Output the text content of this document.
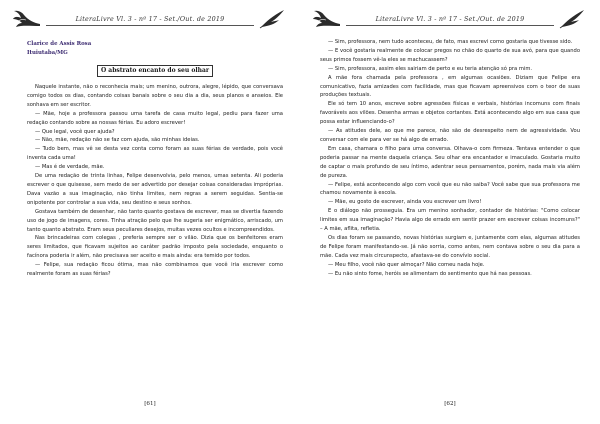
LiteraLivre Vl. 3 - nº 17 - Set./Out. de 2019
Clarice de Assis Rosa
Ituiutaba/MG
O abstrato encanto do seu olhar

Naquele instante, não o reconhecia mais; um menino, outrora, alegre, lépido, que conversava comigo todos os dias, contando coisas banais sobre o seu dia a dia, seus planos e anseios. Ele sonhava em ser escritor.

— Mãe, hoje a professora passou uma tarefa de casa muito legal, pediu para fazer uma redação contando sobre as nossas férias. Eu adoro escrever!

— Que legal, você quer ajuda?

— Não, mãe, redação não se faz com ajuda, são minhas ideias.

— Tudo bem, mas vê se desta vez conta como foram as suas férias de verdade, pois você inventa cada uma!

— Mas é de verdade, mãe.

De uma redação de trinta linhas, Felipe desenvolvia, pelo menos, umas setenta. Ali poderia escrever o que quisesse, sem medo de ser advertido por desejar coisas consideradas impróprias. Dava vazão a sua imaginação, não tinha limites, nem regras a serem seguidas. Sentia-se onipotente por controlar a sua vida, seu destino e seus sonhos.

Gostava também de desenhar, não tanto quanto gostava de escrever, mas se divertia fazendo uso de jogo de imagens, cores. Tinha atração pelo que lhe sugeria ser enigmático, arriscado, um tanto quanto abstrato. Eram seus peculiares desejos, muitas vezes ocultos e incompreendidos.

Nas brincadeiras com colegas , preferia sempre ser o vilão. Dizia que os benfeitores eram seres limitados, que ficavam sujeitos ao caráter padrão imposto pela sociedade, enquanto o facínora poderia ir além, não precisava ser aceito e mais ainda: era temido por todos.

— Felipe, sua redação ficou ótima, mas não combinamos que você iria escrever como realmente foram as suas férias?

[61]
LiteraLivre Vl. 3 - nº 17 - Set./Out. de 2019

— Sim, professora, nem tudo aconteceu, de fato, mas escrevi como gostaria que tivesse sido.

— E você gostaria realmente de colocar pregos no chão do quarto de sua avó, para que quando seus primos fossem vê-la eles se machucassem?

— Sim, professora, assim eles sairiam de perto e eu teria atenção só pra mim.

A mãe fora chamada pela professora , em algumas ocasiões. Diziam que Felipe era comunicativo, fazia amizades com facilidade, mas que ficavam apreensivos com o teor de suas produções textuais.

Ele só tem 10 anos, escreve sobre agressões físicas e verbais, histórias incomuns com finais favoráveis aos vilões. Desenha armas e objetos cortantes. Está acontecendo algo em sua casa que possa estar influenciando-o?

— As atitudes dele, ao que me parece, não são de desrespeito nem de agressividade. Vou conversar com ele para ver se há algo de errado.

Em casa, chamara o filho para uma conversa. Olhava-o com firmeza. Tentava entender o que poderia passar na mente daquela criança. Seu olhar era encantador e imaculado. Gostaria muito de captar o mais profundo de seu íntimo, adentrar seus pensamentos, porém, nada mais via além de pureza.

— Felipe, está acontecendo algo com você que eu não saiba? Você sabe que sua professora me chamou novamente à escola.

— Mãe, eu gosto de escrever, ainda vou escrever um livro!

E o diálogo não prosseguia. Era um menino sonhador, contador de histórias: "Como colocar limites em sua imaginação? Havia algo de errado em sentir prazer em escrever coisas incomuns?" – A mãe, aflita, refletia.

Os dias foram se passando, novas histórias surgiam e, juntamente com elas, algumas atitudes de Felipe foram manifestando-se. Já não sorria, como antes, nem contava sobre o seu dia para a mãe. Cada vez mais circunspecto, afastava-se do convívio social.

— Meu filho, você não quer almoçar? Não comeu nada hoje.

— Eu não sinto fome, heróis se alimentam do sentimento que há nas pessoas.

[62]
